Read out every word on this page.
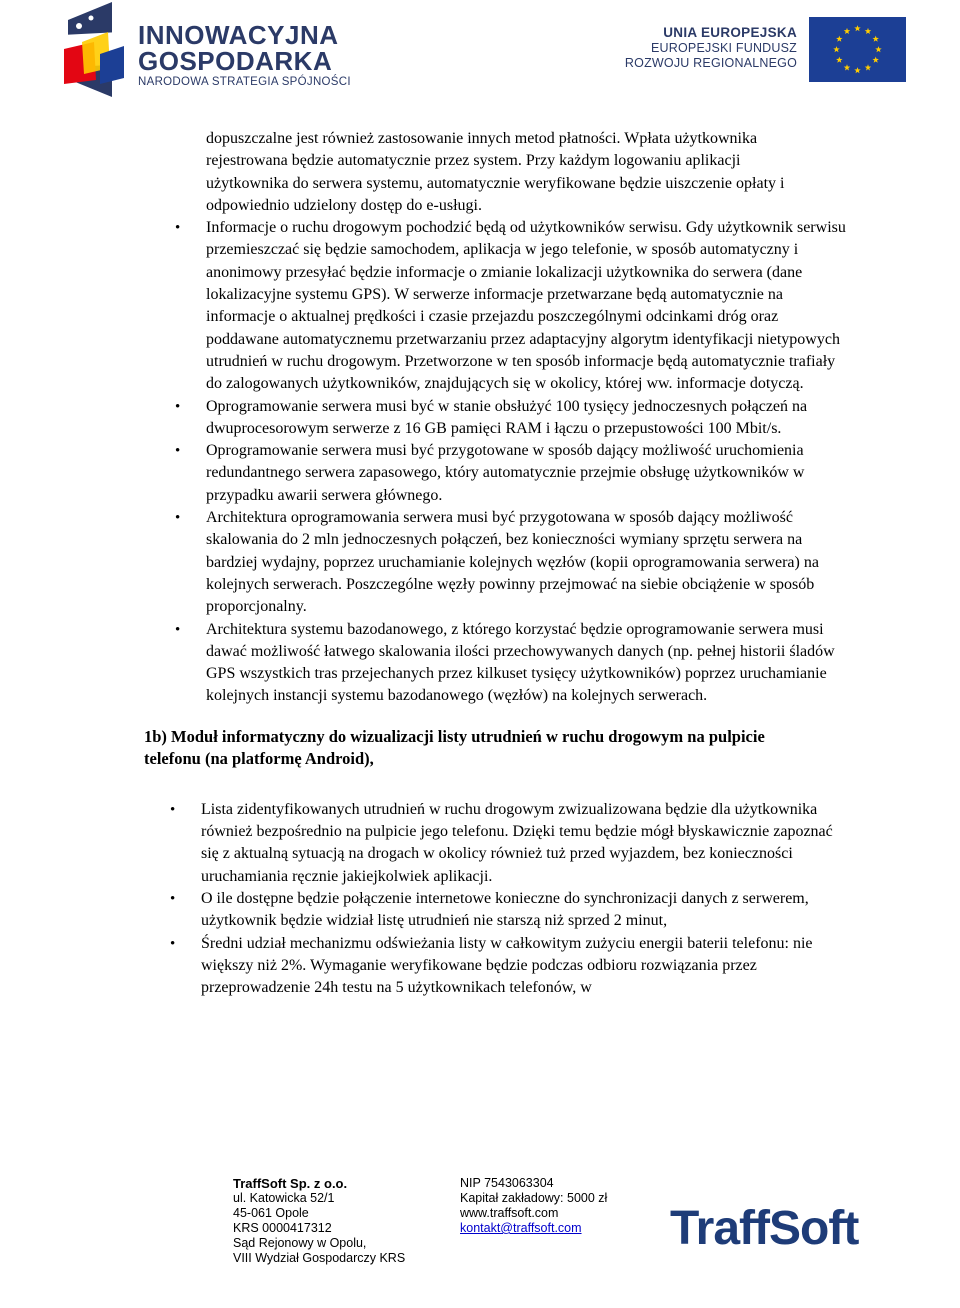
INNOWACYJNA
GOSPODARKA
NARODOWA STRATEGIA SPÓJNOŚCI
UNIA EUROPEJSKA
EUROPEJSKI FUNDUSZ
ROZWOJU REGIONALNEGO
dopuszczalne jest również zastosowanie innych metod płatności. Wpłata użytkownika rejestrowana będzie automatycznie przez system. Przy każdym logowaniu aplikacji użytkownika do serwera systemu, automatycznie weryfikowane będzie uiszczenie opłaty i odpowiednio udzielony dostęp do e-usługi.
• Informacje o ruchu drogowym pochodzić będą od użytkowników serwisu. Gdy użytkownik serwisu przemieszczać się będzie samochodem, aplikacja w jego telefonie, w sposób automatyczny i anonimowy przesyłać będzie informacje o zmianie lokalizacji użytkownika do serwera (dane lokalizacyjne systemu GPS). W serwerze informacje przetwarzane będą automatycznie na informacje o aktualnej prędkości i czasie przejazdu poszczególnymi odcinkami dróg oraz poddawane automatycznemu przetwarzaniu przez adaptacyjny algorytm identyfikacji nietypowych utrudnień w ruchu drogowym. Przetworzone w ten sposób informacje będą automatycznie trafiały do zalogowanych użytkowników, znajdujących się w okolicy, której ww. informacje dotyczą.
• Oprogramowanie serwera musi być w stanie obsłużyć 100 tysięcy jednoczesnych połączeń na dwuprocesorowym serwerze z 16 GB pamięci RAM i łączu o przepustowości 100 Mbit/s.
• Oprogramowanie serwera musi być przygotowane w sposób dający możliwość uruchomienia redundantnego serwera zapasowego, który automatycznie przejmie obsługę użytkowników w przypadku awarii serwera głównego.
• Architektura oprogramowania serwera musi być przygotowana w sposób dający możliwość skalowania do 2 mln jednoczesnych połączeń, bez konieczności wymiany sprzętu serwera na bardziej wydajny, poprzez uruchamianie kolejnych węzłów (kopii oprogramowania serwera) na kolejnych serwerach. Poszczególne węzły powinny przejmować na siebie obciążenie w sposób proporcjonalny.
• Architektura systemu bazodanowego, z którego korzystać będzie oprogramowanie serwera musi dawać możliwość łatwego skalowania ilości przechowywanych danych (np. pełnej historii śladów GPS wszystkich tras przejechanych przez kilkuset tysięcy użytkowników) poprzez uruchamianie kolejnych instancji systemu bazodanowego (węzłów) na kolejnych serwerach.
1b) Moduł informatyczny do wizualizacji listy utrudnień w ruchu drogowym na pulpicie telefonu (na platformę Android),
• Lista zidentyfikowanych utrudnień w ruchu drogowym zwizualizowana będzie dla użytkownika również bezpośrednio na pulpicie jego telefonu. Dzięki temu będzie mógł błyskawicznie zapoznać się z aktualną sytuacją na drogach w okolicy również tuż przed wyjazdem, bez konieczności uruchamiania ręcznie jakiejkolwiek aplikacji.
• O ile dostępne będzie połączenie internetowe konieczne do synchronizacji danych z serwerem, użytkownik będzie widział listę utrudnień nie starszą niż sprzed 2 minut,
• Średni udział mechanizmu odświeżania listy w całkowitym zużyciu energii baterii telefonu: nie większy niż 2%. Wymaganie weryfikowane będzie podczas odbioru rozwiązania przez przeprowadzenie 24h testu na 5 użytkownikach telefonów, w
TraffSoft Sp. z o.o.
ul. Katowicka 52/1
45-061 Opole
KRS 0000417312
Sąd Rejonowy w Opolu,
VIII Wydział Gospodarczy KRS
NIP 7543063304
Kapitał zakładowy: 5000 zł
www.traffsoft.com
kontakt@traffsoft.com	TraffSoft
